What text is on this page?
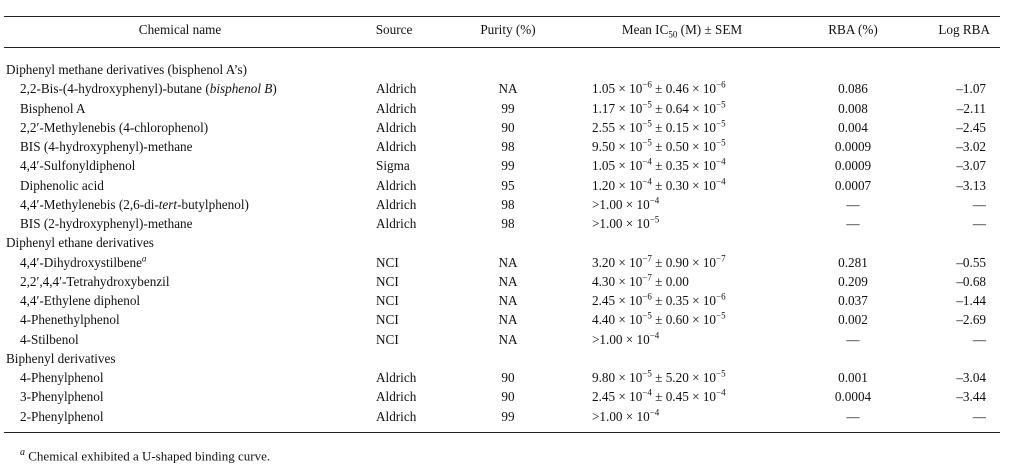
Chemical name	Source	Purity (%)	Mean $IC_{50}$ (M) ± SEM	RBA (%)	Log RBA
Diphenyl methane derivatives (bisphenol A’s)
2,2-Bis-(4-hydroxyphenyl)-butane (bisphenol B)	Aldrich	NA	$1.05 \times 10^{-6} \pm 0.46 \times 10^{-6}$	0.086	–1.07
Bisphenol A	Aldrich	99	$1.17 \times 10^{-5} \pm 0.64 \times 10^{-5}$	0.008	–2.11
2,2′-Methylenebis (4-chlorophenol)	Aldrich	90	$2.55 \times 10^{-5} \pm 0.15 \times 10^{-5}$	0.004	–2.45
BIS (4-hydroxyphenyl)-methane	Aldrich	98	$9.50 \times 10^{-5} \pm 0.50 \times 10^{-5}$	0.0009	–3.02
4,4′-Sulfonyldiphenol	Sigma	99	$1.05 \times 10^{-4} \pm 0.35 \times 10^{-4}$	0.0009	–3.07
Diphenolic acid	Aldrich	95	$1.20 \times 10^{-4} \pm 0.30 \times 10^{-4}$	0.0007	–3.13
4,4′-Methylenebis (2,6-di-tert-butylphenol)	Aldrich	98	$>1.00 \times 10^{-4}$	—	—
BIS (2-hydroxyphenyl)-methane	Aldrich	98	$>1.00 \times 10^{-5}$	—	—
Diphenyl ethane derivatives
4,4′-Dihydroxystilbene$^a$	NCI	NA	$3.20 \times 10^{-7} \pm 0.90 \times 10^{-7}$	0.281	–0.55
2,2′,4,4′-Tetrahydroxybenzil	NCI	NA	$4.30 \times 10^{-7} \pm 0.00$	0.209	–0.68
4,4′-Ethylene diphenol	NCI	NA	$2.45 \times 10^{-6} \pm 0.35 \times 10^{-6}$	0.037	–1.44
4-Phenethylphenol	NCI	NA	$4.40 \times 10^{-5} \pm 0.60 \times 10^{-5}$	0.002	–2.69
4-Stilbenol	NCI	NA	$>1.00 \times 10^{-4}$	—	—
Biphenyl derivatives
4-Phenylphenol	Aldrich	90	$9.80 \times 10^{-5} \pm 5.20 \times 10^{-5}$	0.001	–3.04
3-Phenylphenol	Aldrich	90	$2.45 \times 10^{-4} \pm 0.45 \times 10^{-4}$	0.0004	–3.44
2-Phenylphenol	Aldrich	99	$>1.00 \times 10^{-4}$	—	—
$^a$ Chemical exhibited a U-shaped binding curve.
